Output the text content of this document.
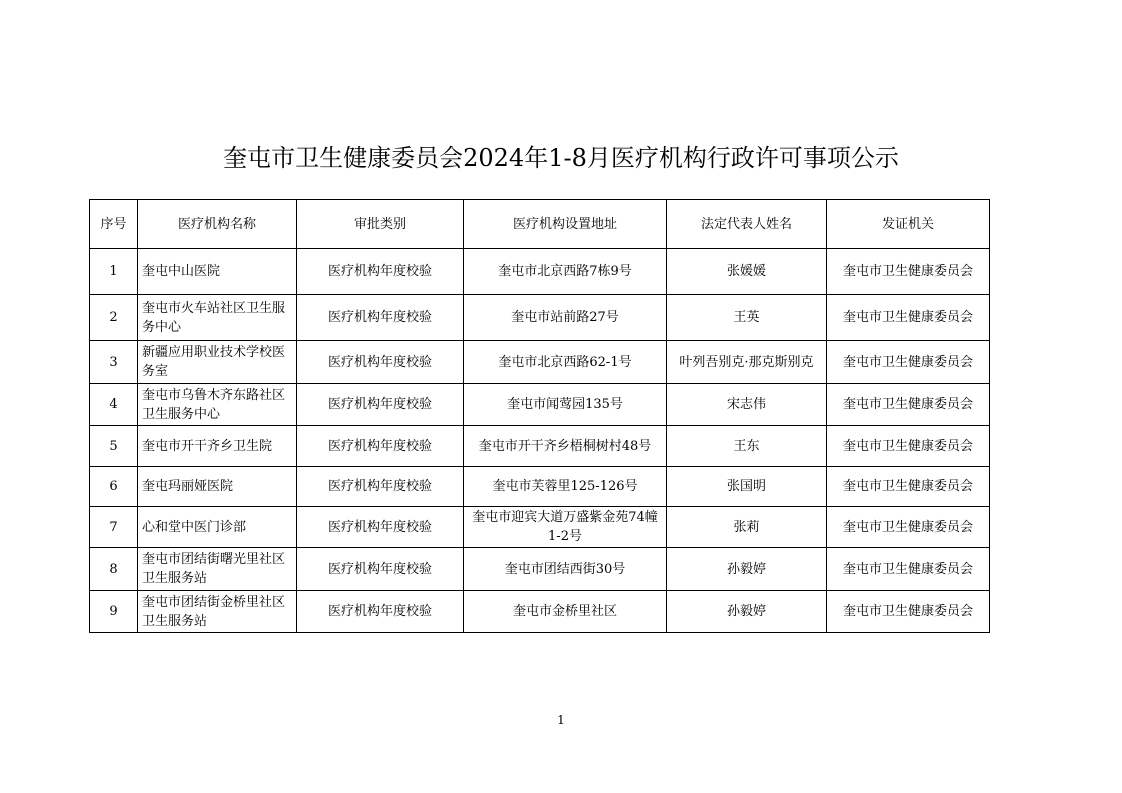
奎屯市卫生健康委员会2024年1-8月医疗机构行政许可事项公示
序号	医疗机构名称	审批类别	医疗机构设置地址	法定代表人姓名	发证机关
1	奎屯中山医院	医疗机构年度校验	奎屯市北京西路7栋9号	张媛媛	奎屯市卫生健康委员会
2	奎屯市火车站社区卫生服务中心	医疗机构年度校验	奎屯市站前路27号	王英	奎屯市卫生健康委员会
3	新疆应用职业技术学校医务室	医疗机构年度校验	奎屯市北京西路62-1号	叶列吾别克·那克斯别克	奎屯市卫生健康委员会
4	奎屯市乌鲁木齐东路社区卫生服务中心	医疗机构年度校验	奎屯市闻莺园135号	宋志伟	奎屯市卫生健康委员会
5	奎屯市开干齐乡卫生院	医疗机构年度校验	奎屯市开干齐乡梧桐树村48号	王东	奎屯市卫生健康委员会
6	奎屯玛丽娅医院	医疗机构年度校验	奎屯市芙蓉里125-126号	张国明	奎屯市卫生健康委员会
7	心和堂中医门诊部	医疗机构年度校验	奎屯市迎宾大道万盛紫金苑74幢1-2号	张莉	奎屯市卫生健康委员会
8	奎屯市团结街曙光里社区卫生服务站	医疗机构年度校验	奎屯市团结西街30号	孙毅婷	奎屯市卫生健康委员会
9	奎屯市团结街金桥里社区卫生服务站	医疗机构年度校验	奎屯市金桥里社区	孙毅婷	奎屯市卫生健康委员会
1
